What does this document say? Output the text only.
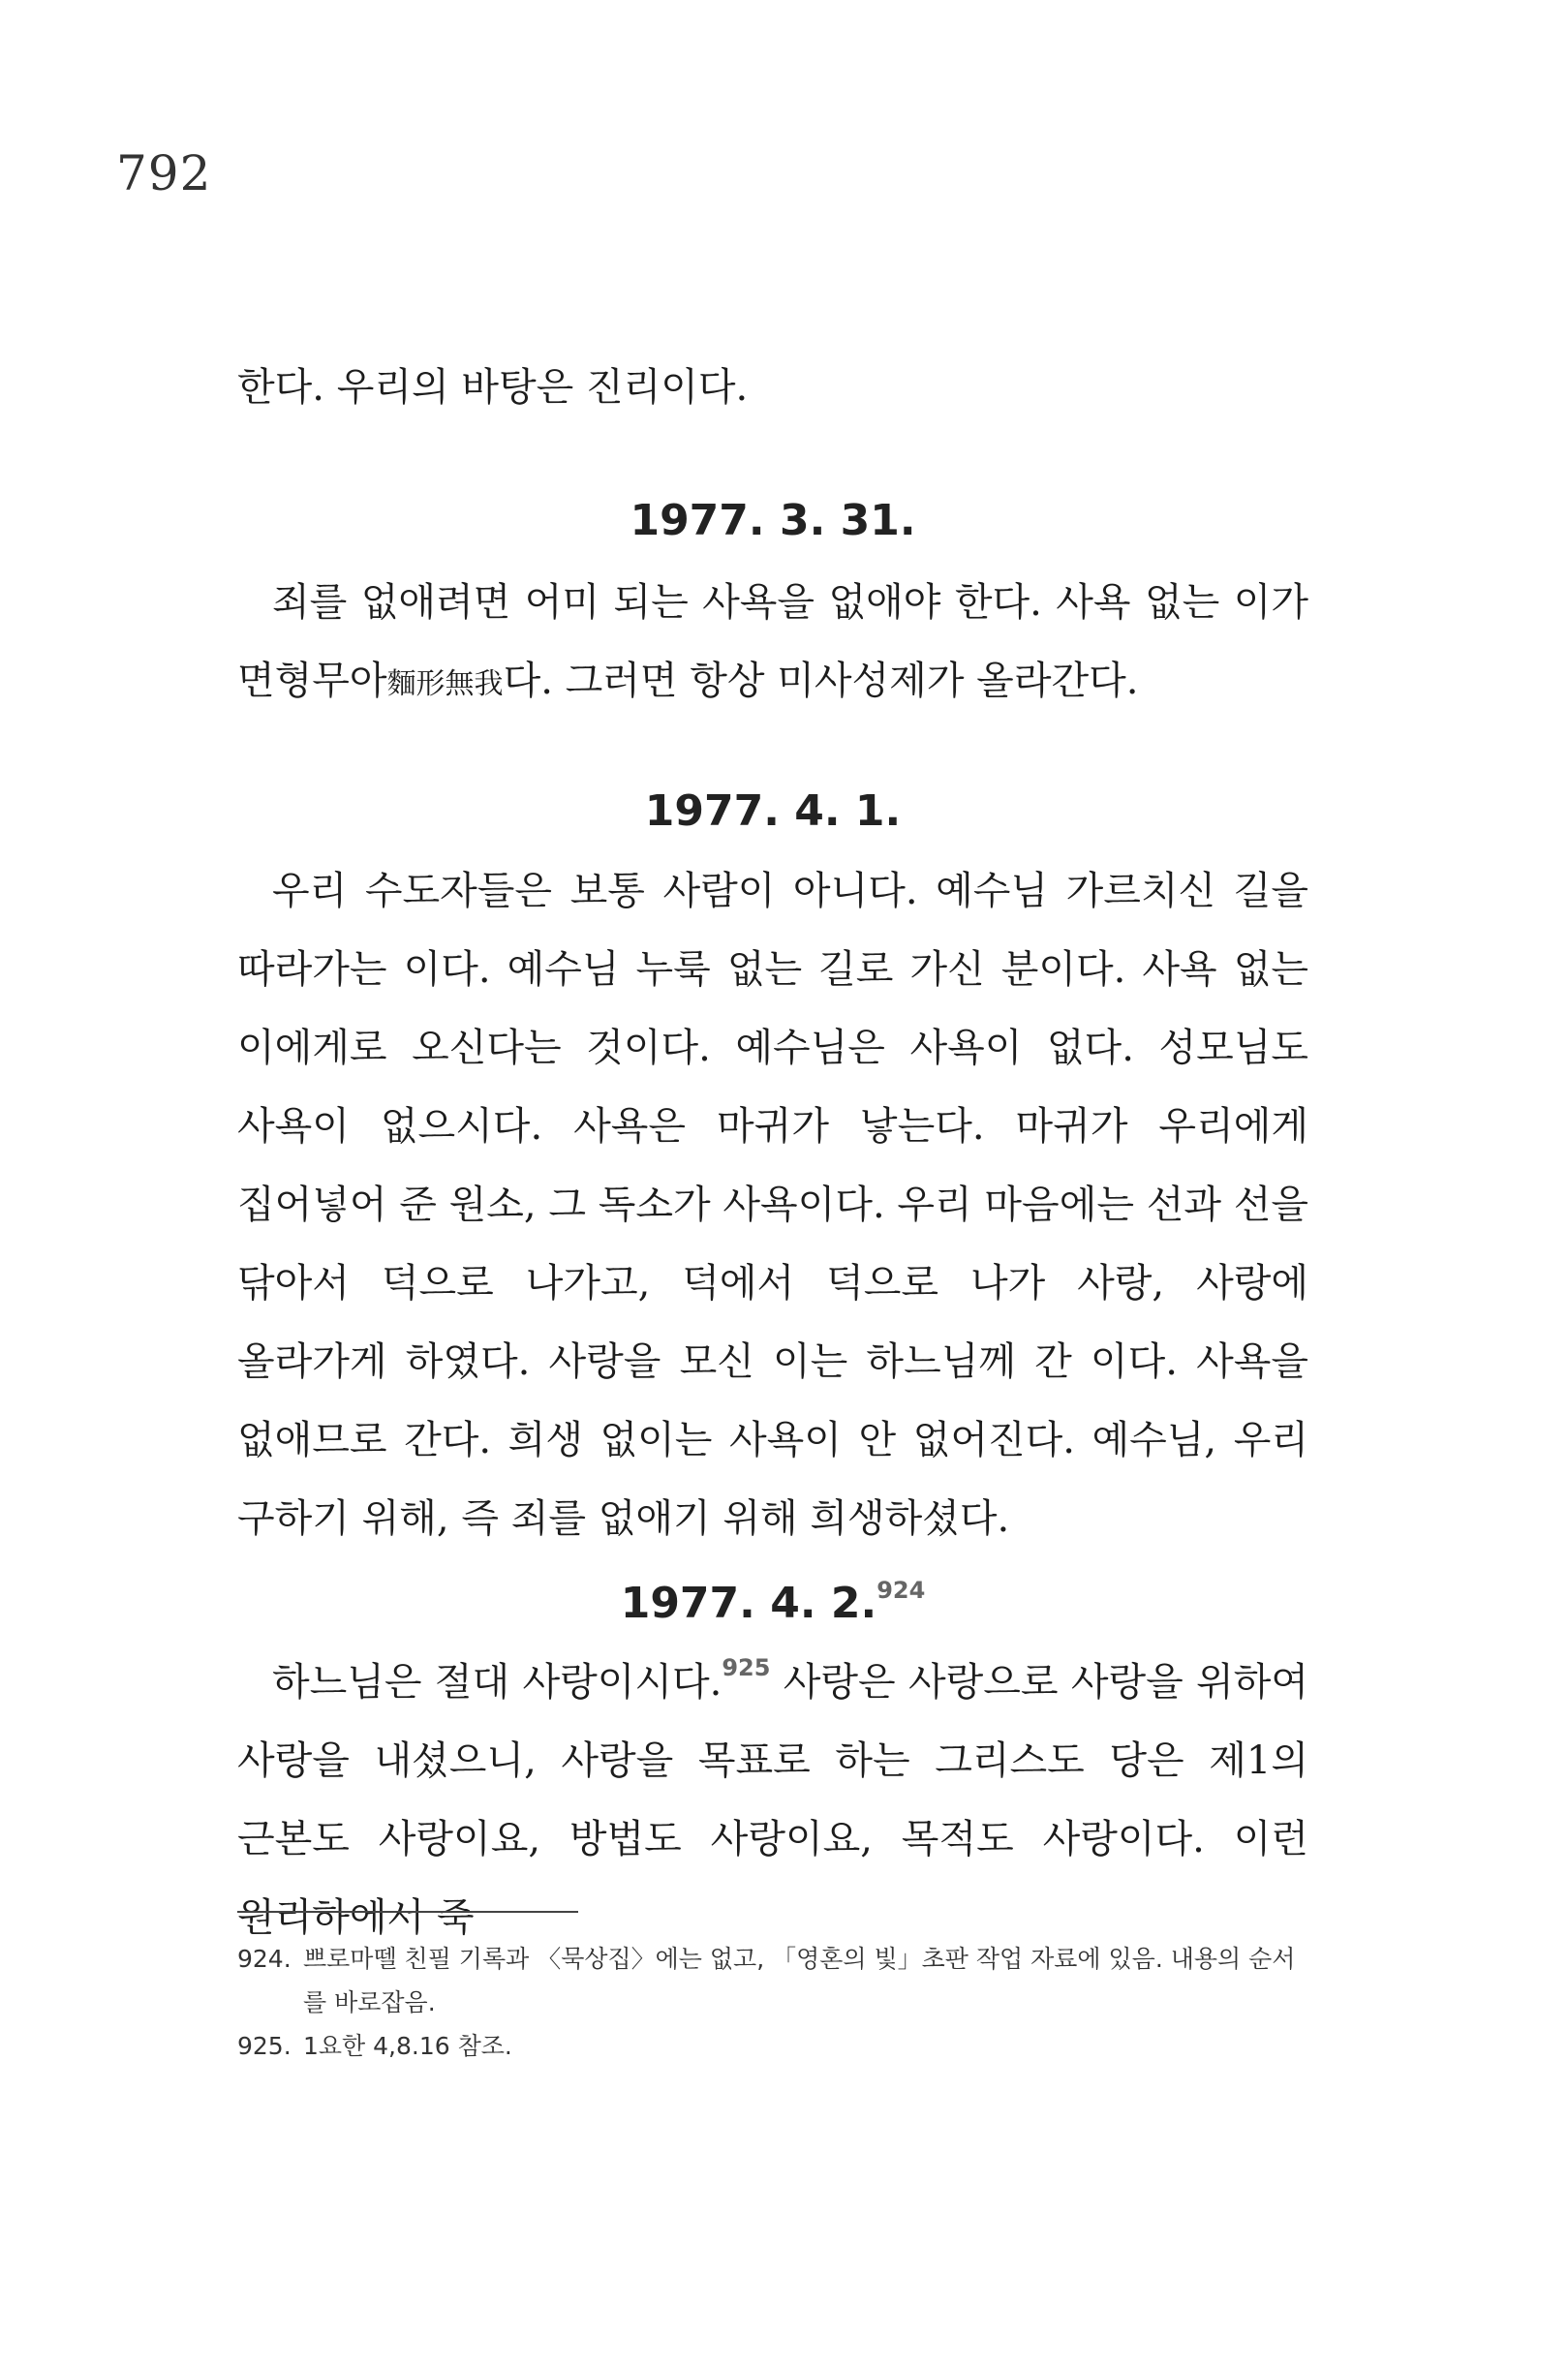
792

한다. 우리의 바탕은 진리이다.

1977. 3. 31.

죄를 없애려면 어미 되는 사욕을 없애야 한다. 사욕 없는 이가 면형무아麵形無我다. 그러면 항상 미사성제가 올라간다.

1977. 4. 1.

우리 수도자들은 보통 사람이 아니다. 예수님 가르치신 길을 따라가는 이다. 예수님 누룩 없는 길로 가신 분이다. 사욕 없는 이에게로 오신다는 것이다. 예수님은 사욕이 없다. 성모님도 사욕이 없으시다. 사욕은 마귀가 낳는다. 마귀가 우리에게 집어넣어 준 원소, 그 독소가 사욕이다. 우리 마음에는 선과 선을 닦아서 덕으로 나가고, 덕에서 덕으로 나가 사랑, 사랑에 올라가게 하였다. 사랑을 모신 이는 하느님께 간 이다. 사욕을 없애므로 간다. 희생 없이는 사욕이 안 없어진다. 예수님, 우리 구하기 위해, 즉 죄를 없애기 위해 희생하셨다.

1977. 4. 2.$^{924}$

하느님은 절대 사랑이시다.$^{925}$ 사랑은 사랑으로 사랑을 위하여 사랑을 내셨으니, 사랑을 목표로 하는 그리스도 당은 제1의 근본도 사랑이요, 방법도 사랑이요, 목적도 사랑이다. 이런 원리하에서 죽

924. 쁘로마뗄 친필 기록과 〈묵상집〉에는 없고, 「영혼의 빛」초판 작업 자료에 있음. 내용의 순서를 바로잡음.
925. 1요한 4,8.16 참조.
